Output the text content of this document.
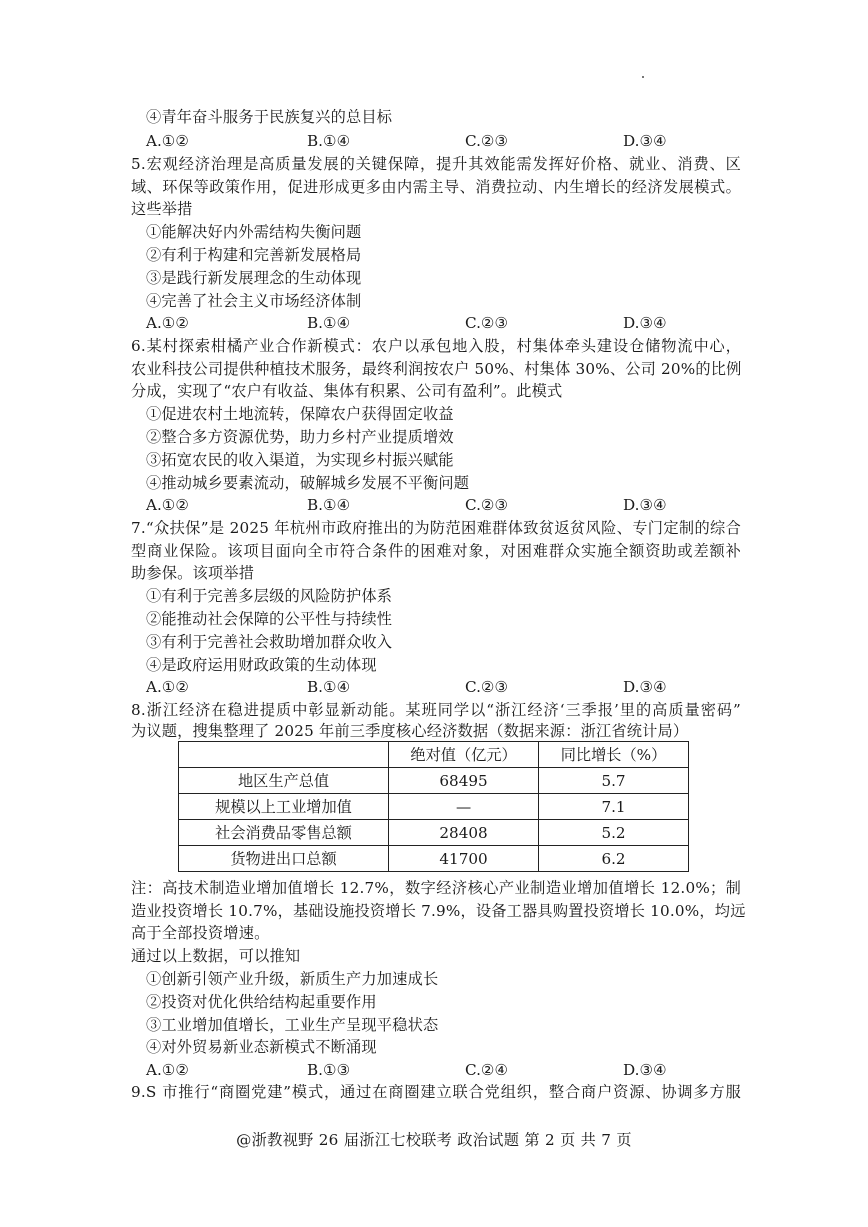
④青年奋斗服务于民族复兴的总目标
A.①②	B.①④	C.②③	D.③④
5.宏观经济治理是高质量发展的关键保障，提升其效能需发挥好价格、就业、消费、区
域、环保等政策作用，促进形成更多由内需主导、消费拉动、内生增长的经济发展模式。
这些举措
①能解决好内外需结构失衡问题
②有利于构建和完善新发展格局
③是践行新发展理念的生动体现
④完善了社会主义市场经济体制
A.①②	B.①④	C.②③	D.③④
6.某村探索柑橘产业合作新模式：农户以承包地入股，村集体牵头建设仓储物流中心，
农业科技公司提供种植技术服务，最终利润按农户 50%、村集体 30%、公司 20%的比例
分成，实现了“农户有收益、集体有积累、公司有盈利”。此模式
①促进农村土地流转，保障农户获得固定收益
②整合多方资源优势，助力乡村产业提质增效
③拓宽农民的收入渠道，为实现乡村振兴赋能
④推动城乡要素流动，破解城乡发展不平衡问题
A.①②	B.①④	C.②③	D.③④
7.“众扶保”是 2025 年杭州市政府推出的为防范困难群体致贫返贫风险、专门定制的综合
型商业保险。该项目面向全市符合条件的困难对象，对困难群众实施全额资助或差额补
助参保。该项举措
①有利于完善多层级的风险防护体系
②能推动社会保障的公平性与持续性
③有利于完善社会救助增加群众收入
④是政府运用财政政策的生动体现
A.①②	B.①④	C.②③	D.③④
8.浙江经济在稳进提质中彰显新动能。某班同学以“浙江经济‘三季报’里的高质量密码”
为议题，搜集整理了 2025 年前三季度核心经济数据（数据来源：浙江省统计局）
	绝对值（亿元）	同比增长（%）
地区生产总值	68495	5.7
规模以上工业增加值	—	7.1
社会消费品零售总额	28408	5.2
货物进出口总额	41700	6.2
注：高技术制造业增加值增长 12.7%，数字经济核心产业制造业增加值增长 12.0%；制
造业投资增长 10.7%，基础设施投资增长 7.9%，设备工器具购置投资增长 10.0%，均远
高于全部投资增速。
通过以上数据，可以推知
①创新引领产业升级，新质生产力加速成长
②投资对优化供给结构起重要作用
③工业增加值增长，工业生产呈现平稳状态
④对外贸易新业态新模式不断涌现
A.①②	B.①③	C.②④	D.③④
9.S 市推行“商圈党建”模式，通过在商圈建立联合党组织，整合商户资源、协调多方服
@浙教视野 26 届浙江七校联考 政治试题 第 2 页 共 7 页
